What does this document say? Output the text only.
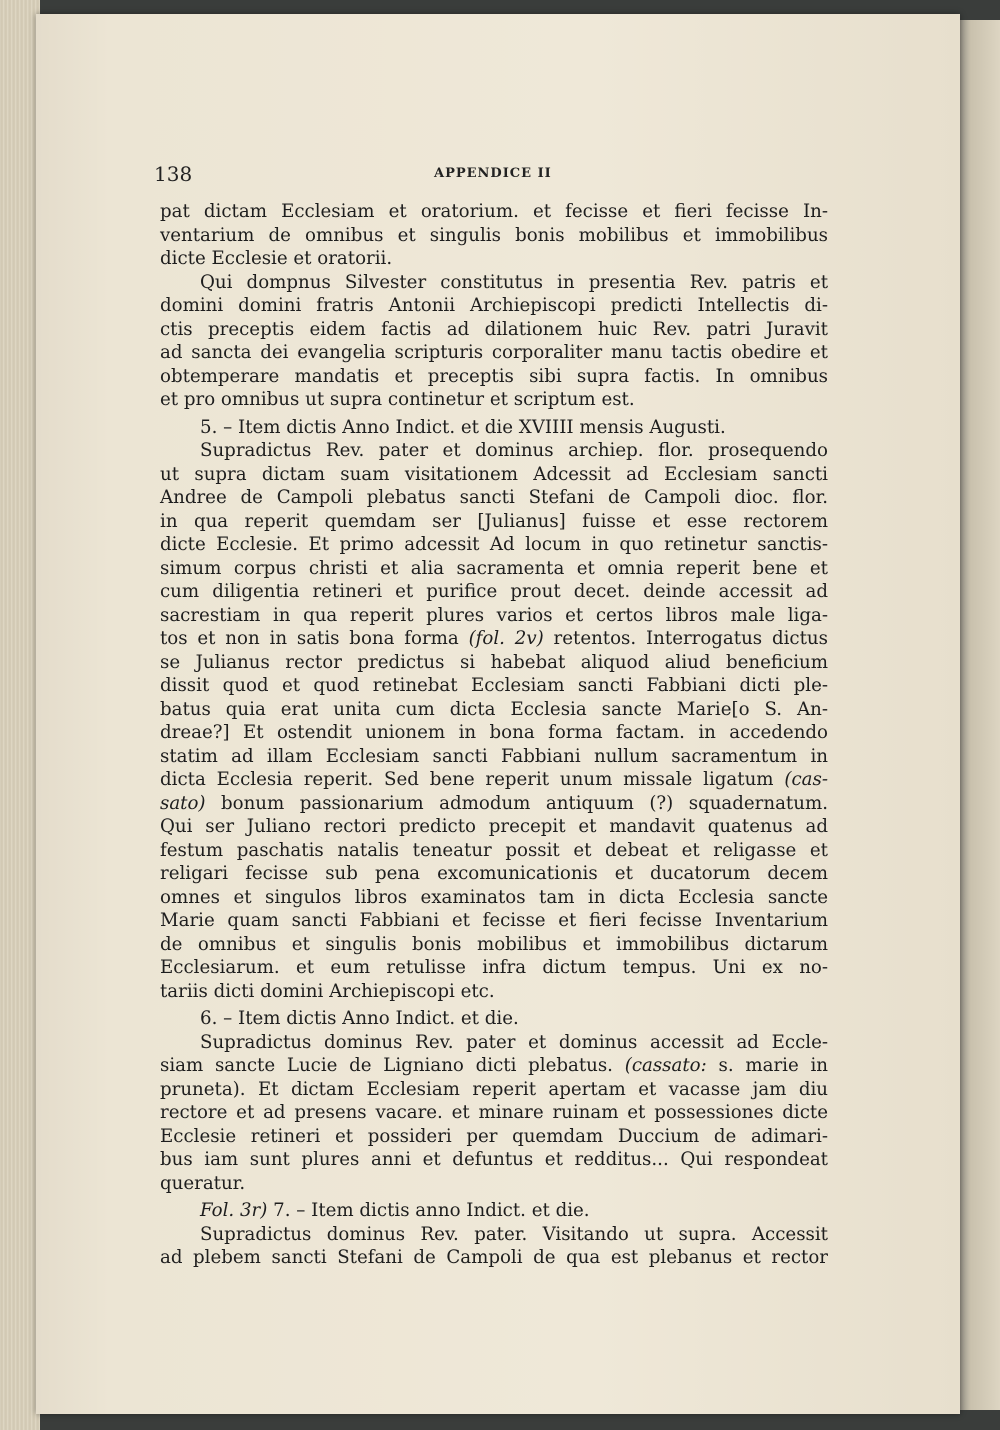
138	APPENDICE II
pat dictam Ecclesiam et oratorium. et fecisse et fieri fecisse In-
ventarium de omnibus et singulis bonis mobilibus et immobilibus
dicte Ecclesie et oratorii.
Qui dompnus Silvester constitutus in presentia Rev. patris et
domini domini fratris Antonii Archiepiscopi predicti Intellectis di-
ctis preceptis eidem factis ad dilationem huic Rev. patri Juravit
ad sancta dei evangelia scripturis corporaliter manu tactis obedire et
obtemperare mandatis et preceptis sibi supra factis. In omnibus
et pro omnibus ut supra continetur et scriptum est.
5. – Item dictis Anno Indict. et die XVIIII mensis Augusti.
Supradictus Rev. pater et dominus archiep. flor. prosequendo
ut supra dictam suam visitationem Adcessit ad Ecclesiam sancti
Andree de Campoli plebatus sancti Stefani de Campoli dioc. flor.
in qua reperit quemdam ser [Julianus] fuisse et esse rectorem
dicte Ecclesie. Et primo adcessit Ad locum in quo retinetur sanctis-
simum corpus christi et alia sacramenta et omnia reperit bene et
cum diligentia retineri et purifice prout decet. deinde accessit ad
sacrestiam in qua reperit plures varios et certos libros male liga-
tos et non in satis bona forma (fol. 2v) retentos. Interrogatus dictus
se Julianus rector predictus si habebat aliquod aliud beneficium
dissit quod et quod retinebat Ecclesiam sancti Fabbiani dicti ple-
batus quia erat unita cum dicta Ecclesia sancte Marie[o S. An-
dreae?] Et ostendit unionem in bona forma factam. in accedendo
statim ad illam Ecclesiam sancti Fabbiani nullum sacramentum in
dicta Ecclesia reperit. Sed bene reperit unum missale ligatum (cas-
sato) bonum passionarium admodum antiquum (?) squadernatum.
Qui ser Juliano rectori predicto precepit et mandavit quatenus ad
festum paschatis natalis teneatur possit et debeat et religasse et
religari fecisse sub pena excomunicationis et ducatorum decem
omnes et singulos libros examinatos tam in dicta Ecclesia sancte
Marie quam sancti Fabbiani et fecisse et fieri fecisse Inventarium
de omnibus et singulis bonis mobilibus et immobilibus dictarum
Ecclesiarum. et eum retulisse infra dictum tempus. Uni ex no-
tariis dicti domini Archiepiscopi etc.
6. – Item dictis Anno Indict. et die.
Supradictus dominus Rev. pater et dominus accessit ad Eccle-
siam sancte Lucie de Ligniano dicti plebatus. (cassato: s. marie in
pruneta). Et dictam Ecclesiam reperit apertam et vacasse jam diu
rectore et ad presens vacare. et minare ruinam et possessiones dicte
Ecclesie retineri et possideri per quemdam Duccium de adimari-
bus iam sunt plures anni et defuntus et redditus... Qui respondeat
queratur.
Fol. 3r) 7. – Item dictis anno Indict. et die.
Supradictus dominus Rev. pater. Visitando ut supra. Accessit
ad plebem sancti Stefani de Campoli de qua est plebanus et rector
